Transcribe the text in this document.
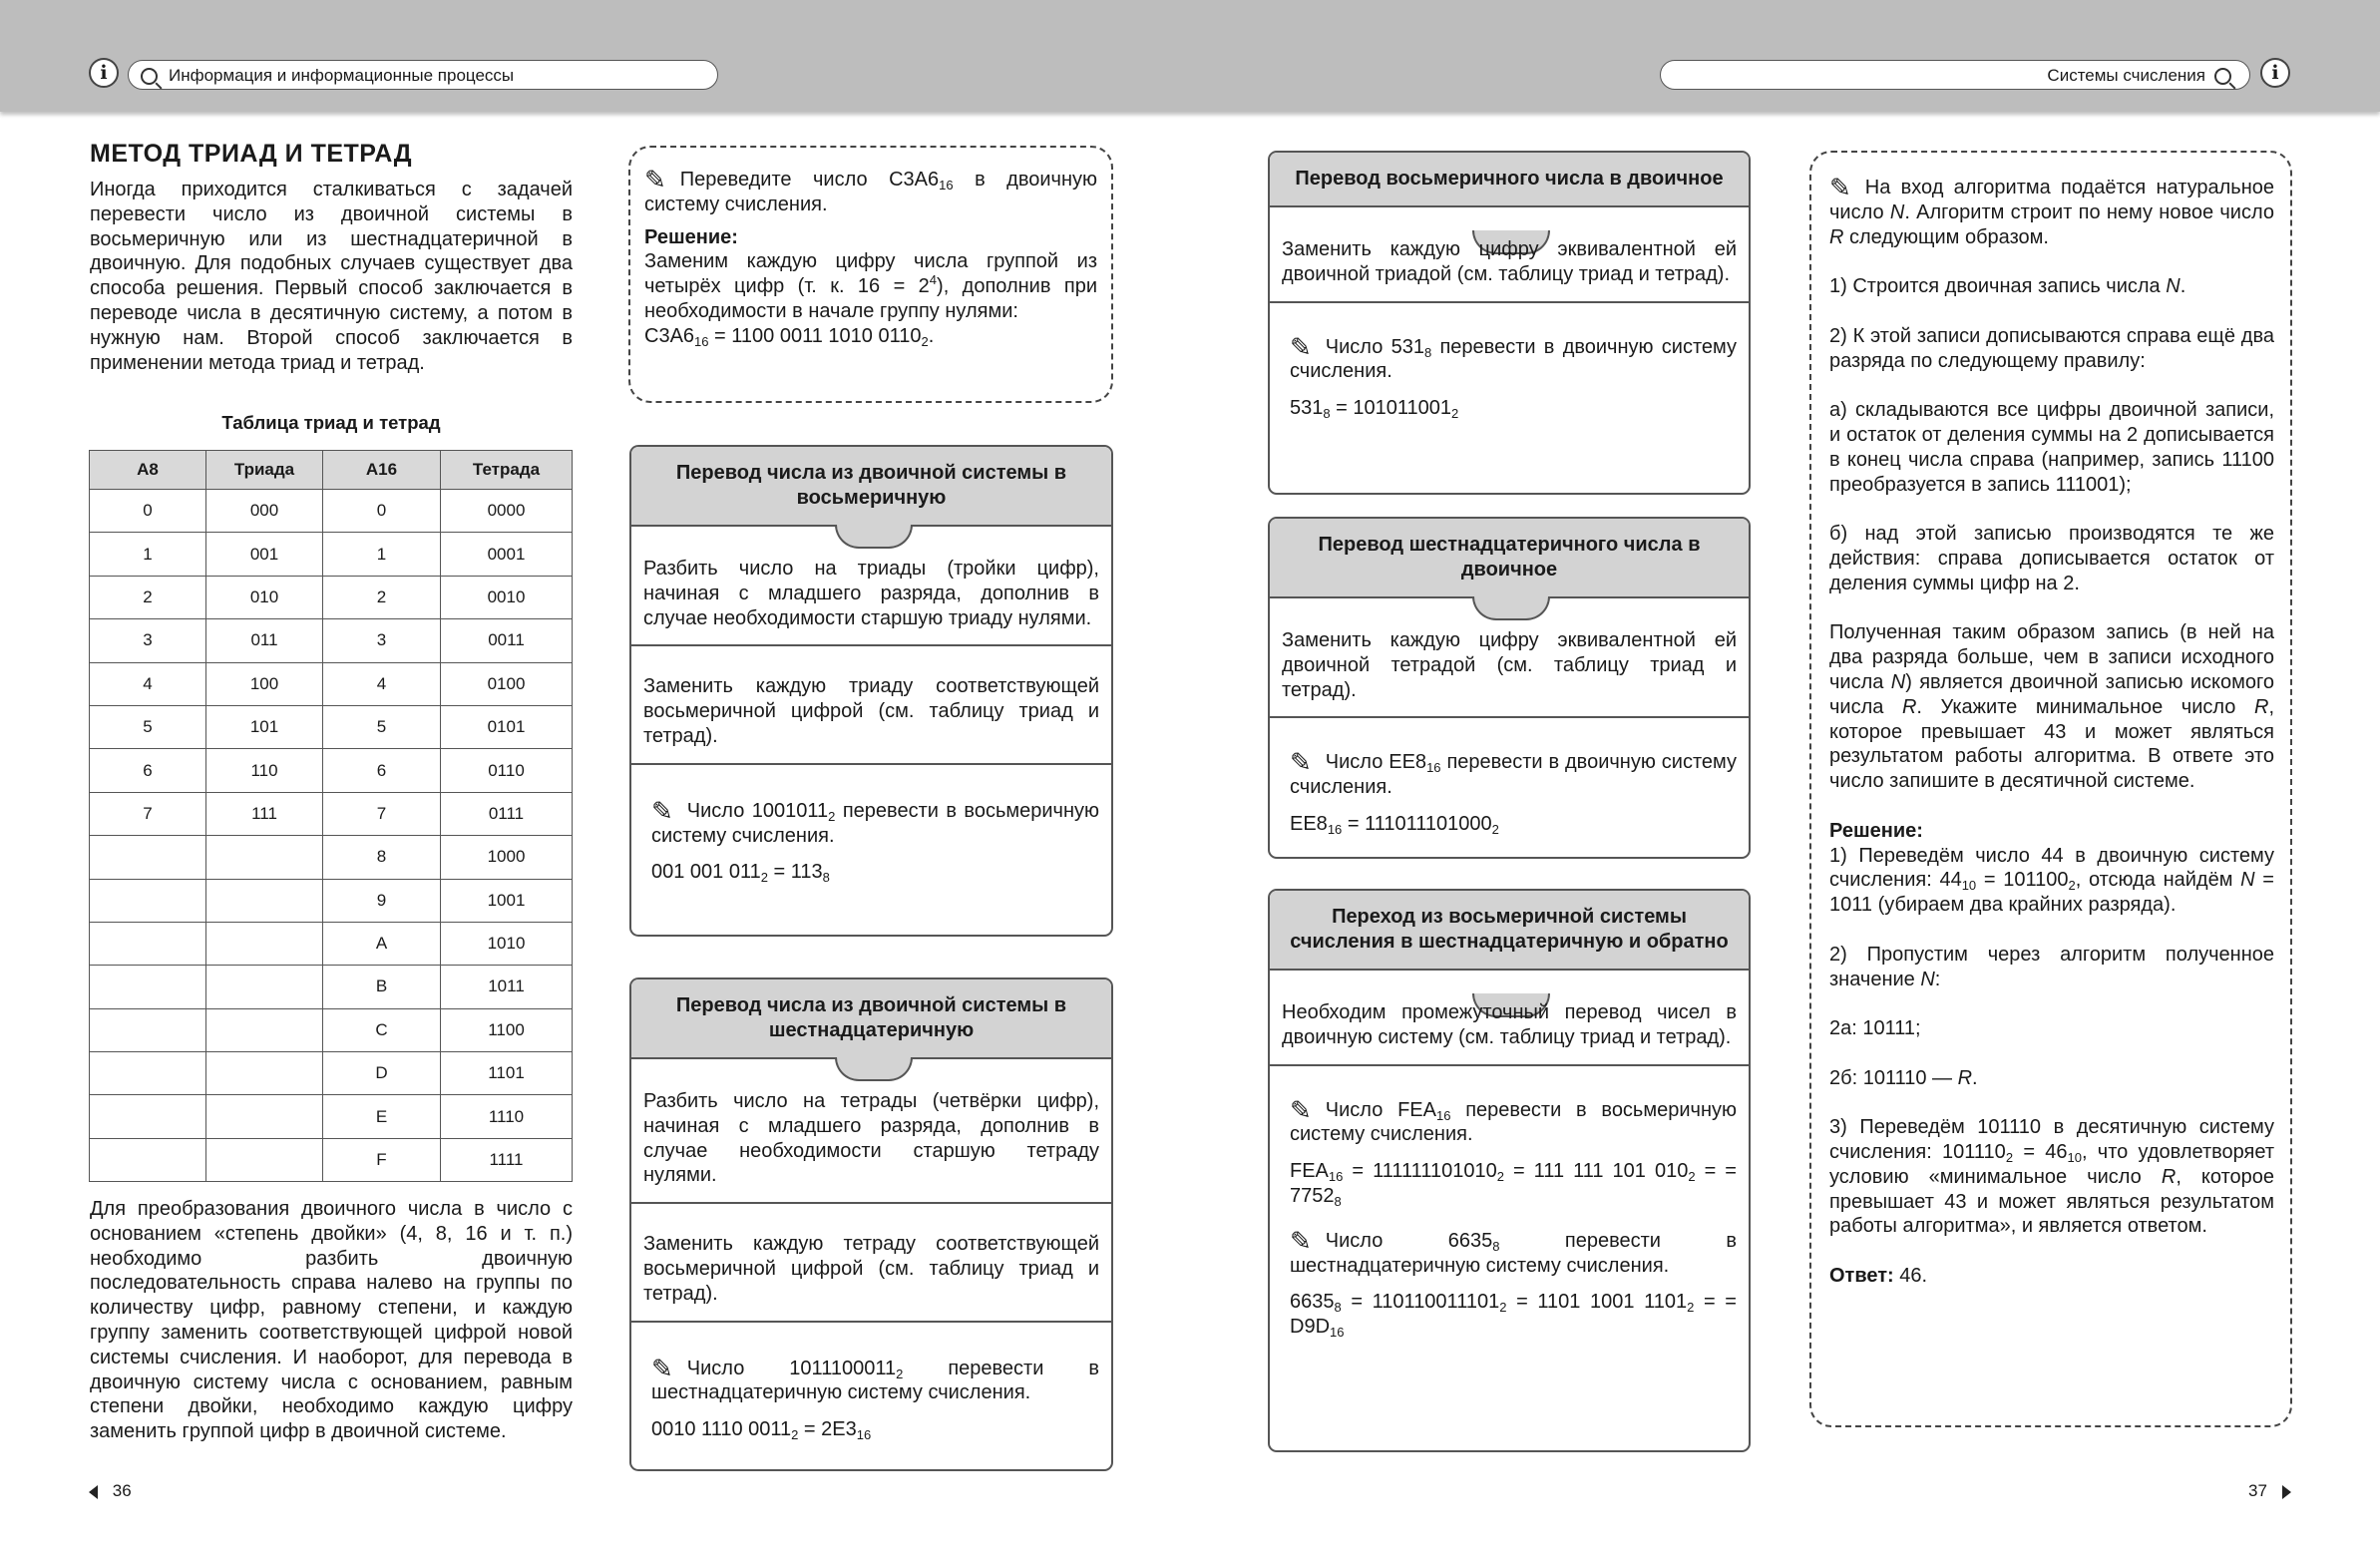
i	Информация и информационные процессы	Системы счисления	i
МЕТОД ТРИАД И ТЕТРАД

Иногда приходится сталкиваться с задачей перевести число из двоичной системы в восьмеричную или из шестнадцатеричной в двоичную. Для подобных случаев существует два способа решения. Первый способ заключается в переводе числа в десятичную систему, а потом в нужную нам. Второй способ заключается в применении метода триад и тетрад.

Таблица триад и тетрад
A8	Триада	A16	Тетрада
0	000	0	0000
1	001	1	0001
2	010	2	0010
3	011	3	0011
4	100	4	0100
5	101	5	0101
6	110	6	0110
7	111	7	0111
		8	1000
		9	1001
		A	1010
		B	1011
		C	1100
		D	1101
		E	1110
		F	1111

Для преобразования двоичного числа в число с основанием «степень двойки» (4, 8, 16 и т. п.) необходимо разбить двоичную последовательность справа налево на группы по количеству цифр, равному степени, и каждую группу заменить соответствующей цифрой новой системы счисления. И наоборот, для перевода в двоичную систему числа с основанием, равным степени двойки, необходимо каждую цифру заменить группой цифр в двоичной системе.

36
✎ Переведите число $C3A6_{16}$ в двоичную систему счисления.
Решение:
Заменим каждую цифру числа группой из четырёх цифр (т. к. $16 = 2^4$), дополнив при необходимости в начале группу нулями:
$C3A6_{16} = 1100$ 0011 1010 $0110_2$.
Перевод числа из двоичной системы в восьмеричную
Разбить число на триады (тройки цифр), начиная с младшего разряда, дополнив в случае необходимости старшую триаду нулями.
Заменить каждую триаду соответствующей восьмеричной цифрой (см. таблицу триад и тетрад).
✎ Число $1001011_2$ перевести в восьмеричную систему счисления.
001 001 $011_2 = 113_8$
Перевод числа из двоичной системы в шестнадцатеричную
Разбить число на тетрады (четвёрки цифр), начиная с младшего разряда, дополнив в случае необходимости старшую тетраду нулями.
Заменить каждую тетраду соответствующей восьмеричной цифрой (см. таблицу триад и тетрад).
✎ Число $1011100011_2$ перевести в шестнадцатеричную систему счисления.
0010 1110 $0011_2 = 2E3_{16}$
Перевод восьмеричного числа в двоичное
Заменить каждую цифру эквивалентной ей двоичной триадой (см. таблицу триад и тетрад).
✎ Число $531_8$ перевести в двоичную систему счисления.
$531_8 = 101011001_2$
Перевод шестнадцатеричного числа в двоичное
Заменить каждую цифру эквивалентной ей двоичной тетрадой (см. таблицу триад и тетрад).
✎ Число $EE8_{16}$ перевести в двоичную систему счисления.
$EE8_{16} = 111011101000_2$
Переход из восьмеричной системы счисления в шестнадцатеричную и обратно
Необходим промежуточный перевод чисел в двоичную систему (см. таблицу триад и тетрад).
✎ Число $FEA_{16}$ перевести в восьмеричную систему счисления.
$FEA_{16} = 111111101010_2 = 111$ 111 101 $010_2$ = = $7752_8$
✎ Число $6635_8$ перевести в шестнадцатеричную систему счисления.
$6635_8 = 110110011101_2 = 1101$ 1001 $1101_2$ = = $D9D_{16}$
✎ На вход алгоритма подаётся натуральное число N. Алгоритм строит по нему новое число R следующим образом.
1) Строится двоичная запись числа N.
2) К этой записи дописываются справа ещё два разряда по следующему правилу:
а) складываются все цифры двоичной записи, и остаток от деления суммы на 2 дописывается в конец числа справа (например, запись 11100 преобразуется в запись 111001);
б) над этой записью производятся те же действия: справа дописывается остаток от деления суммы цифр на 2.
Полученная таким образом запись (в ней на два разряда больше, чем в записи исходного числа N) является двоичной записью искомого числа R. Укажите минимальное число R, которое превышает 43 и может являться результатом работы алгоритма. В ответе это число запишите в десятичной системе.
Решение:
1) Переведём число 44 в двоичную систему счисления: $44_{10} = 101100_2$, отсюда найдём N = 1011 (убираем два крайних разряда).
2) Пропустим через алгоритм полученное значение N:
2а: 10111;
2б: 101110 — R.
3) Переведём 101110 в десятичную систему счисления: $101110_2 = 46_{10}$, что удовлетворяет условию «минимальное число R, которое превышает 43 и может являться результатом работы алгоритма», и является ответом.
Ответ: 46.
37
